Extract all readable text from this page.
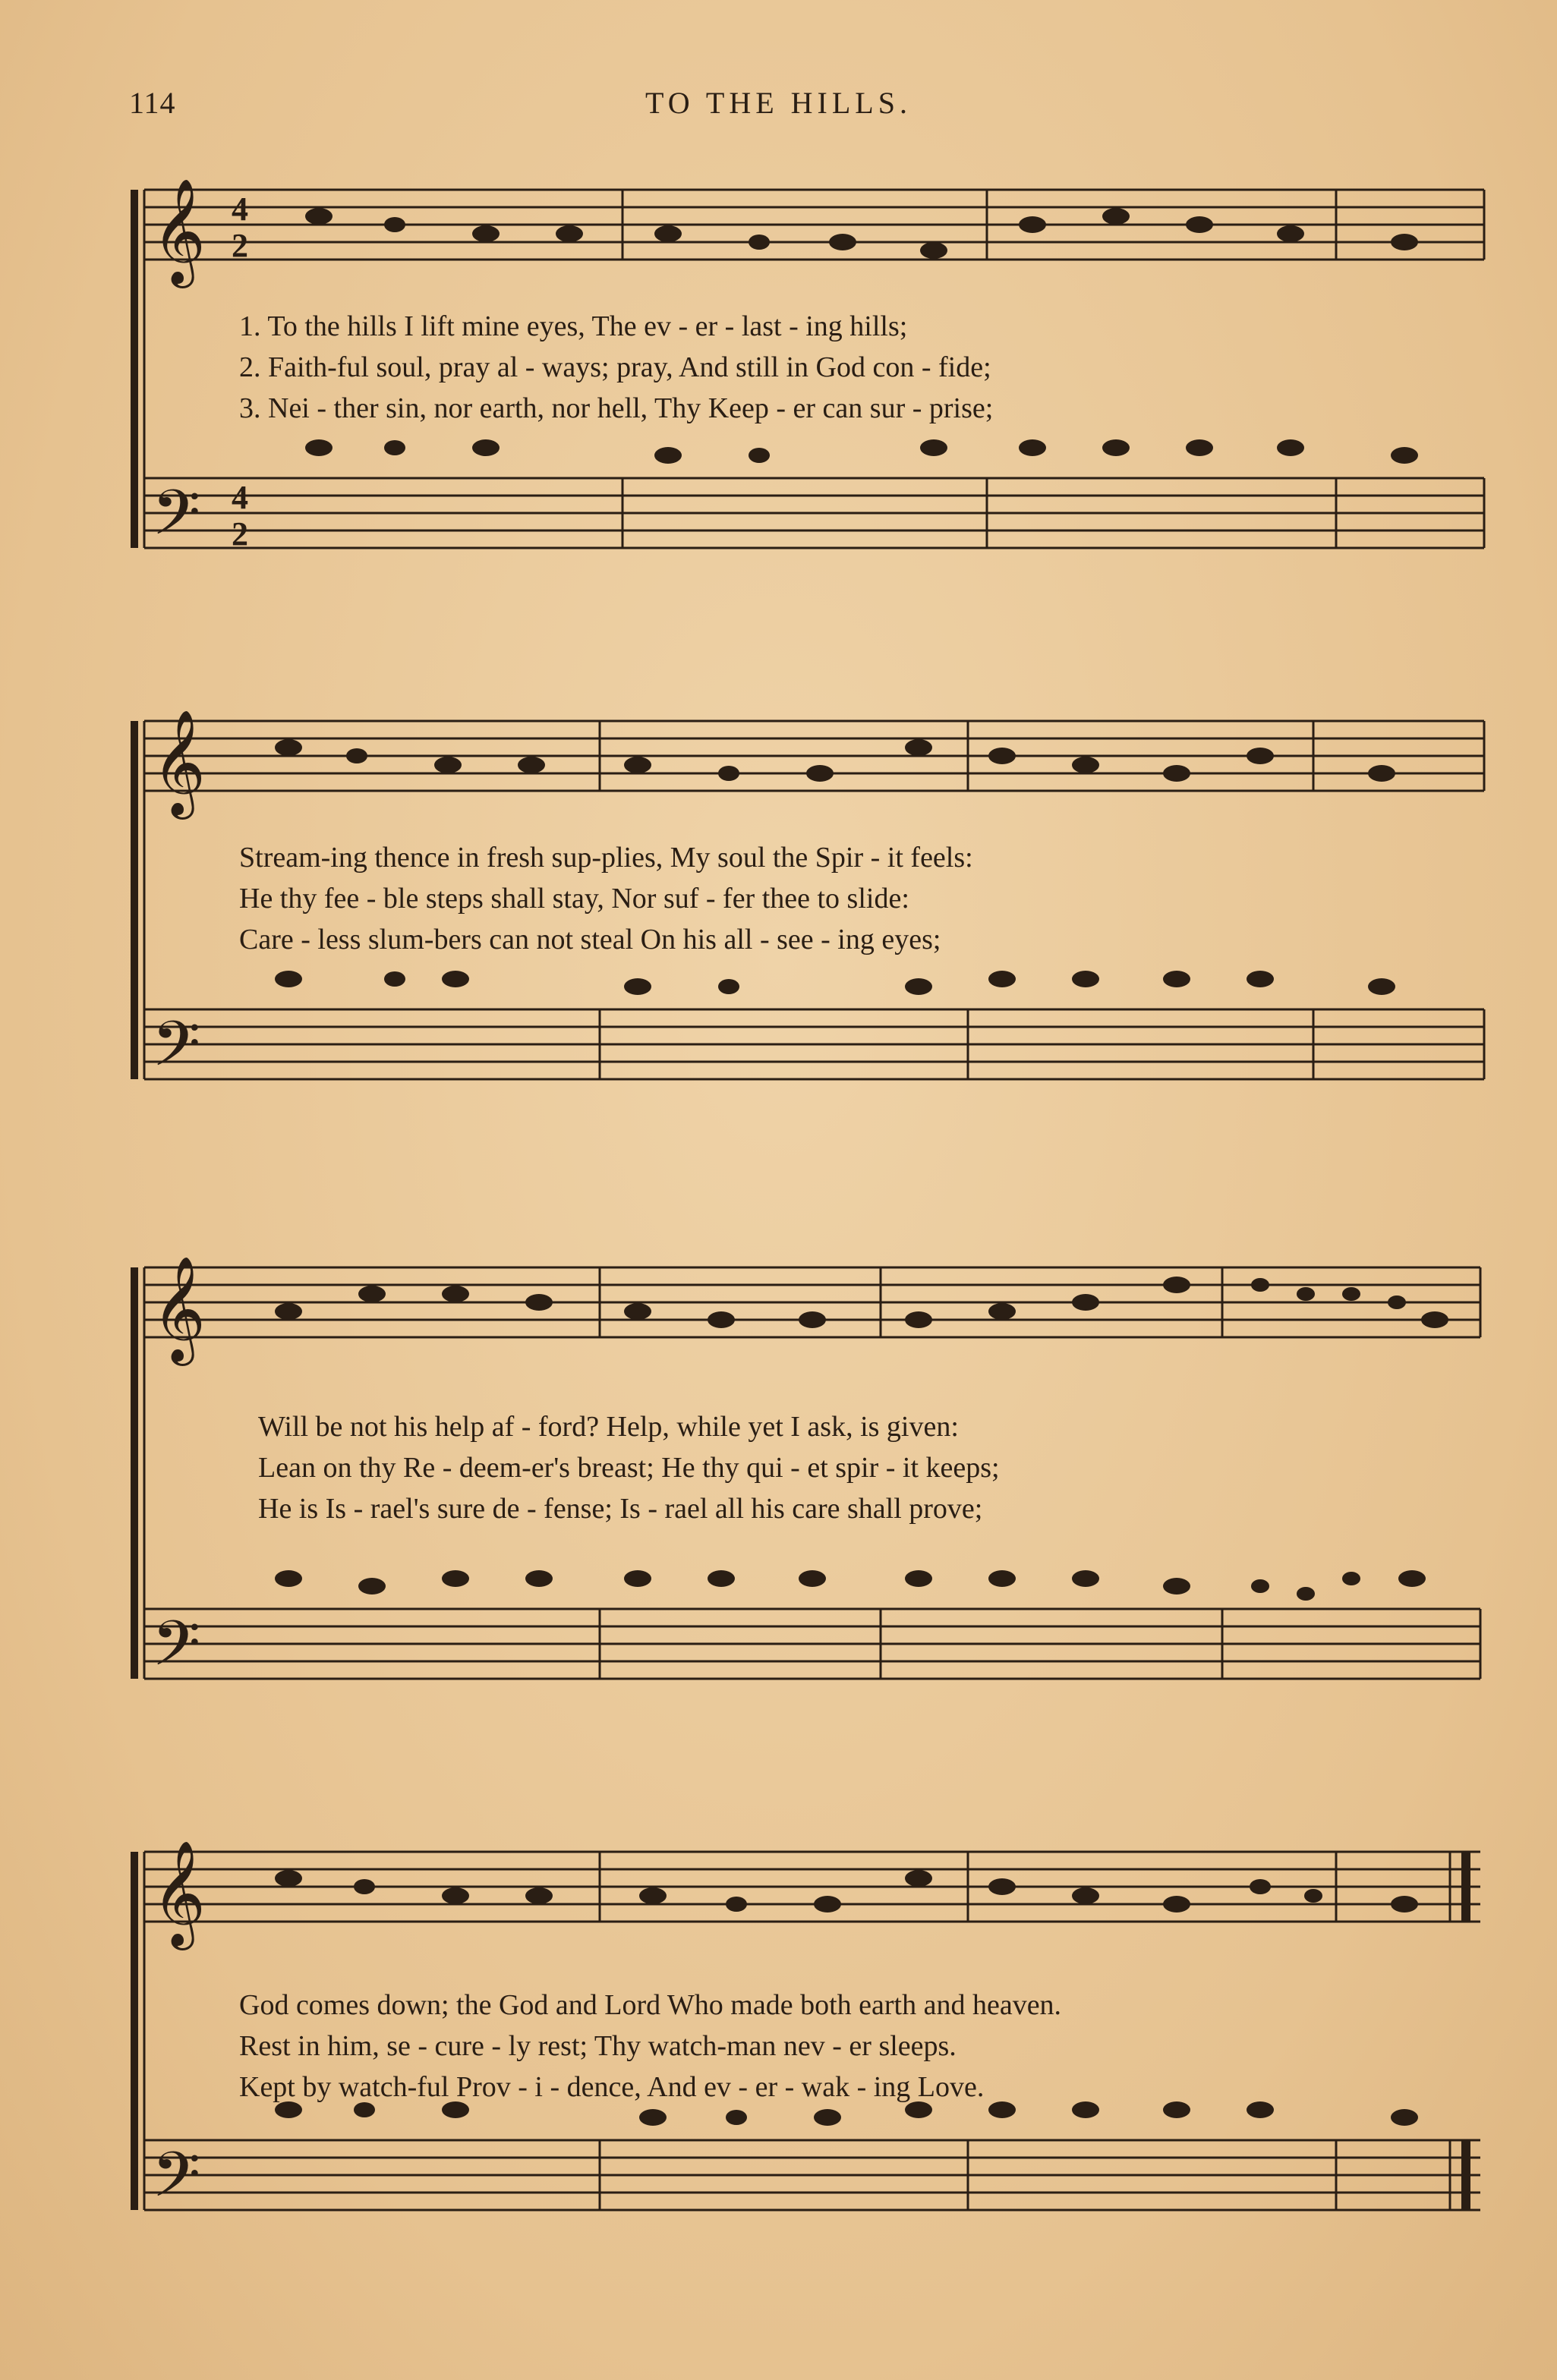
114	TO THE HILLS.
𝄞
𝄢
4
2
4
2
1. To the hills I lift mine eyes, The ev - er - last - ing hills;
2. Faith-ful soul, pray al - ways; pray, And still in God con - fide;
3. Nei - ther sin, nor earth, nor hell, Thy Keep - er can sur - prise;
𝄞
𝄢
Stream-ing thence in fresh sup-plies, My soul the Spir - it feels:
He thy fee - ble steps shall stay, Nor suf - fer thee to slide:
Care - less slum-bers can not steal On his all - see - ing eyes;
𝄞
𝄢
Will be not his help af - ford? Help, while yet I ask, is given:
Lean on thy Re - deem-er's breast; He thy qui - et spir - it keeps;
He is Is - rael's sure de - fense; Is - rael all his care shall prove;
𝄞
𝄢
God comes down; the God and Lord Who made both earth and heaven.
Rest in him, se - cure - ly rest; Thy watch-man nev - er sleeps.
Kept by watch-ful Prov - i - dence, And ev - er - wak - ing Love.
